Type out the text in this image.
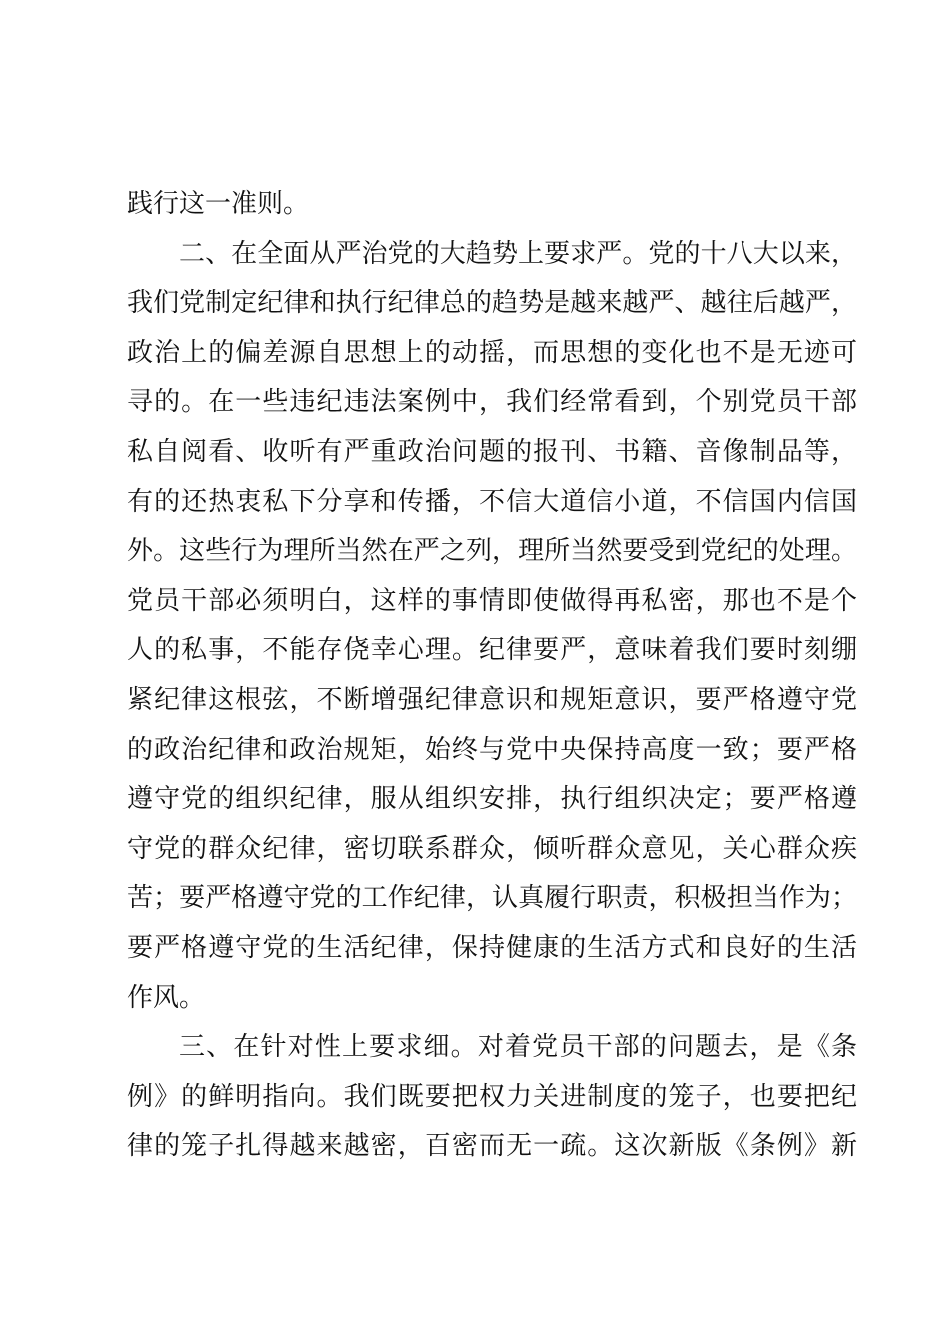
践行这一准则。
二、在全面从严治党的大趋势上要求严。党的十八大以来，
我们党制定纪律和执行纪律总的趋势是越来越严、越往后越严，
政治上的偏差源自思想上的动摇，而思想的变化也不是无迹可
寻的。在一些违纪违法案例中，我们经常看到，个别党员干部
私自阅看、收听有严重政治问题的报刊、书籍、音像制品等，
有的还热衷私下分享和传播，不信大道信小道，不信国内信国
外。这些行为理所当然在严之列，理所当然要受到党纪的处理。
党员干部必须明白，这样的事情即使做得再私密，那也不是个
人的私事，不能存侥幸心理。纪律要严，意味着我们要时刻绷
紧纪律这根弦，不断增强纪律意识和规矩意识，要严格遵守党
的政治纪律和政治规矩，始终与党中央保持高度一致；要严格
遵守党的组织纪律，服从组织安排，执行组织决定；要严格遵
守党的群众纪律，密切联系群众，倾听群众意见，关心群众疾
苦；要严格遵守党的工作纪律，认真履行职责，积极担当作为；
要严格遵守党的生活纪律，保持健康的生活方式和良好的生活
作风。
三、在针对性上要求细。对着党员干部的问题去，是《条
例》的鲜明指向。我们既要把权力关进制度的笼子，也要把纪
律的笼子扎得越来越密，百密而无一疏。这次新版《条例》新
